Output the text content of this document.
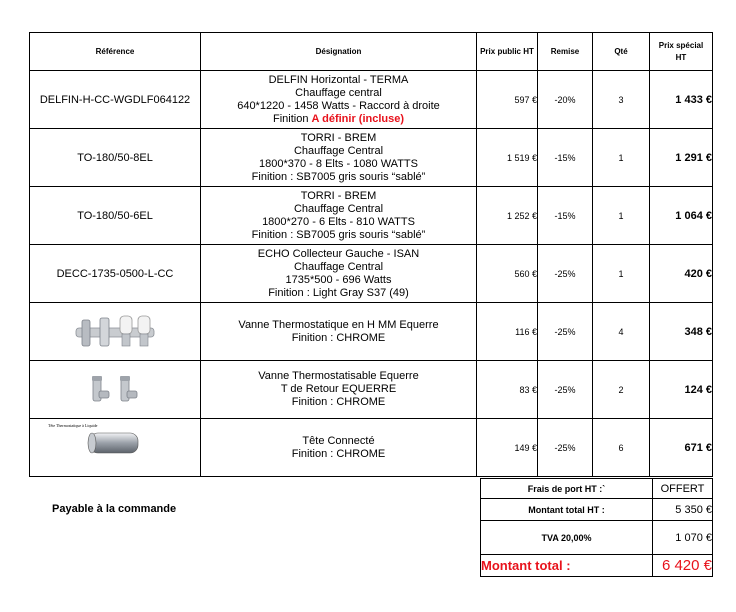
Référence	Désignation	Prix public HT	Remise	Qté	Prix spécial
HT
DELFIN-H-CC-WGDLF064122	DELFIN Horizontal - TERMA
Chauffage central
640*1220 - 1458 Watts - Raccord à droite
Finition A définir (incluse)	597 €	-20%	3	1 433 €
TO-180/50-8EL	TORRI - BREM
Chauffage Central
1800*370 - 8 Elts - 1080 WATTS
Finition : SB7005 gris souris “sablé”	1 519 €	-15%	1	1 291 €
TO-180/50-6EL	TORRI - BREM
Chauffage Central
1800*270 - 6 Elts - 810 WATTS
Finition : SB7005 gris souris “sablé”	1 252 €	-15%	1	1 064 €
DECC-1735-0500-L-CC	ECHO Collecteur Gauche - ISAN
Chauffage Central
1735*500 - 696 Watts
Finition : Light Gray S37 (49)	560 €	-25%	1	420 €

Vanne Thermostatique en H MM Equerre
Finition : CHROME	116 €	-25%	4	348 €

Vanne Thermostatisable Equerre
T de Retour EQUERRE
Finition : CHROME	83 €	-25%	2	124 €

Tête Thermostatique à Liquide	Tête Connecté
Finition : CHROME	149 €	-25%	6	671 €
Payable à la commande
Frais de port HT :`	OFFERT
Montant total HT :	5 350 €
TVA 20,00%	1 070 €
Montant total :	6 420 €
